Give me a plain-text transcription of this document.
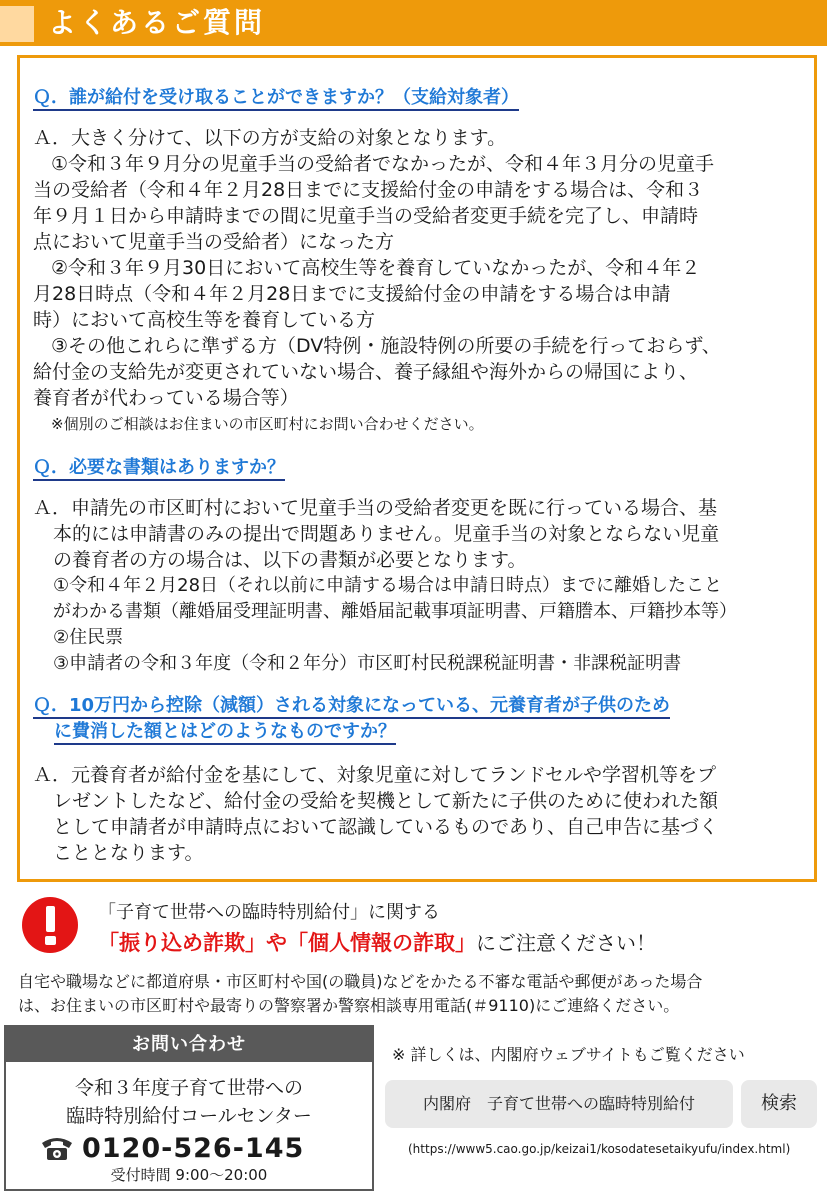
よくあるご質問
Ｑ．誰が給付を受け取ることができますか？（支給対象者）
Ａ．大きく分けて、以下の方が支給の対象となります。
①令和３年９月分の児童手当の受給者でなかったが、令和４年３月分の児童手
当の受給者（令和４年２月28日までに支援給付金の申請をする場合は、令和３
年９月１日から申請時までの間に児童手当の受給者変更手続を完了し、申請時
点において児童手当の受給者）になった方
②令和３年９月30日において高校生等を養育していなかったが、令和４年２
月28日時点（令和４年２月28日までに支援給付金の申請をする場合は申請
時）において高校生等を養育している方
③その他これらに準ずる方（DV特例・施設特例の所要の手続を行っておらず、
給付金の支給先が変更されていない場合、養子縁組や海外からの帰国により、
養育者が代わっている場合等）
※個別のご相談はお住まいの市区町村にお問い合わせください。
Ｑ．必要な書類はありますか？
Ａ．申請先の市区町村において児童手当の受給者変更を既に行っている場合、基
本的には申請書のみの提出で問題ありません。児童手当の対象とならない児童
の養育者の方の場合は、以下の書類が必要となります。
①令和４年２月28日（それ以前に申請する場合は申請日時点）までに離婚したこと
がわかる書類（離婚届受理証明書、離婚届記載事項証明書、戸籍謄本、戸籍抄本等）
②住民票
③申請者の令和３年度（令和２年分）市区町村民税課税証明書・非課税証明書
Ｑ．10万円から控除（減額）される対象になっている、元養育者が子供のため

に費消した額とはどのようなものですか？
Ａ．元養育者が給付金を基にして、対象児童に対してランドセルや学習机等をプ
レゼントしたなど、給付金の受給を契機として新たに子供のために使われた額
として申請者が申請時点において認識しているものであり、自己申告に基づく
こととなります。
「子育て世帯への臨時特別給付」に関する
「振り込め詐欺」や「個人情報の詐取」にご注意ください！
自宅や職場などに都道府県・市区町村や国(の職員)などをかたる不審な電話や郵便があった場合
は、お住まいの市区町村や最寄りの警察署か警察相談専用電話(＃9110)にご連絡ください。
お問い合わせ
令和３年度子育て世帯への
臨時特別給付コールセンター
0120-526-145
受付時間 9:00～20:00
※ 詳しくは、内閣府ウェブサイトもご覧ください
内閣府　子育て世帯への臨時特別給付	検索
(https://www5.cao.go.jp/keizai1/kosodatesetaikyufu/index.html)
